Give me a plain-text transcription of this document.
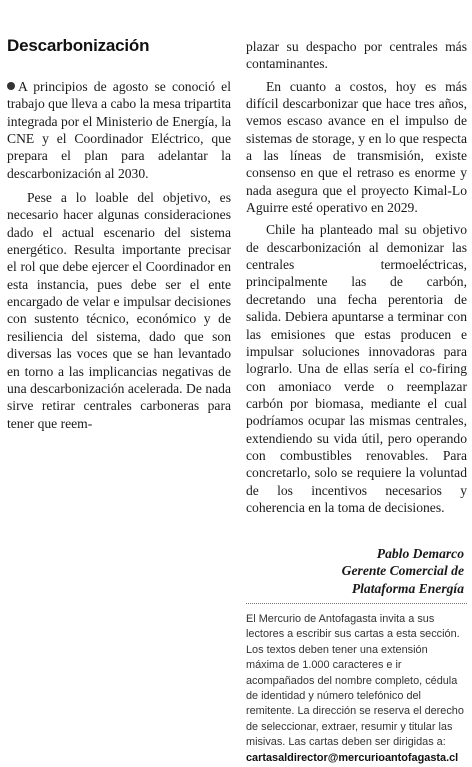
Descarbonización

A principios de agosto se conoció el trabajo que lleva a cabo la mesa tripartita integrada por el Ministerio de Energía, la CNE y el Coordinador Eléctrico, que prepara el plan para adelantar la descarbonización al 2030.

Pese a lo loable del objetivo, es necesario hacer algunas consideraciones dado el actual escenario del sistema energético. Resulta importante precisar el rol que debe ejercer el Coordinador en esta instancia, pues debe ser el ente encargado de velar e impulsar decisiones con sustento técnico, económico y de resiliencia del sistema, dado que son diversas las voces que se han levantado en torno a las implicancias negativas de una descarbonización acelerada. De nada sirve retirar centrales carboneras para tener que reem-

plazar su despacho por centrales más contaminantes.

En cuanto a costos, hoy es más difícil descarbonizar que hace tres años, vemos escaso avance en el impulso de sistemas de storage, y en lo que respecta a las líneas de transmisión, existe consenso en que el retraso es enorme y nada asegura que el proyecto Kimal-Lo Aguirre esté operativo en 2029.

Chile ha planteado mal su objetivo de descarbonización al demonizar las centrales termoeléctricas, principalmente las de carbón, decretando una fecha perentoria de salida. Debiera apuntarse a terminar con las emisiones que estas producen e impulsar soluciones innovadoras para lograrlo. Una de ellas sería el co-firing con amoniaco verde o reemplazar carbón por biomasa, mediante el cual podríamos ocupar las mismas centrales, extendiendo su vida útil, pero operando con combustibles renovables. Para concretarlo, solo se requiere la voluntad de los incentivos necesarios y coherencia en la toma de decisiones.

Pablo Demarco
Gerente Comercial de
Plataforma Energía
El Mercurio de Antofagasta invita a sus lectores a escribir sus cartas a esta sección. Los textos deben tener una extensión máxima de 1.000 caracteres e ir acompañados del nombre completo, cédula de identidad y número telefónico del remitente. La dirección se reserva el derecho de seleccionar, extraer, resumir y titular las misivas. Las cartas deben ser dirigidas a:
cartasaldirector@mercurioantofagasta.cl
